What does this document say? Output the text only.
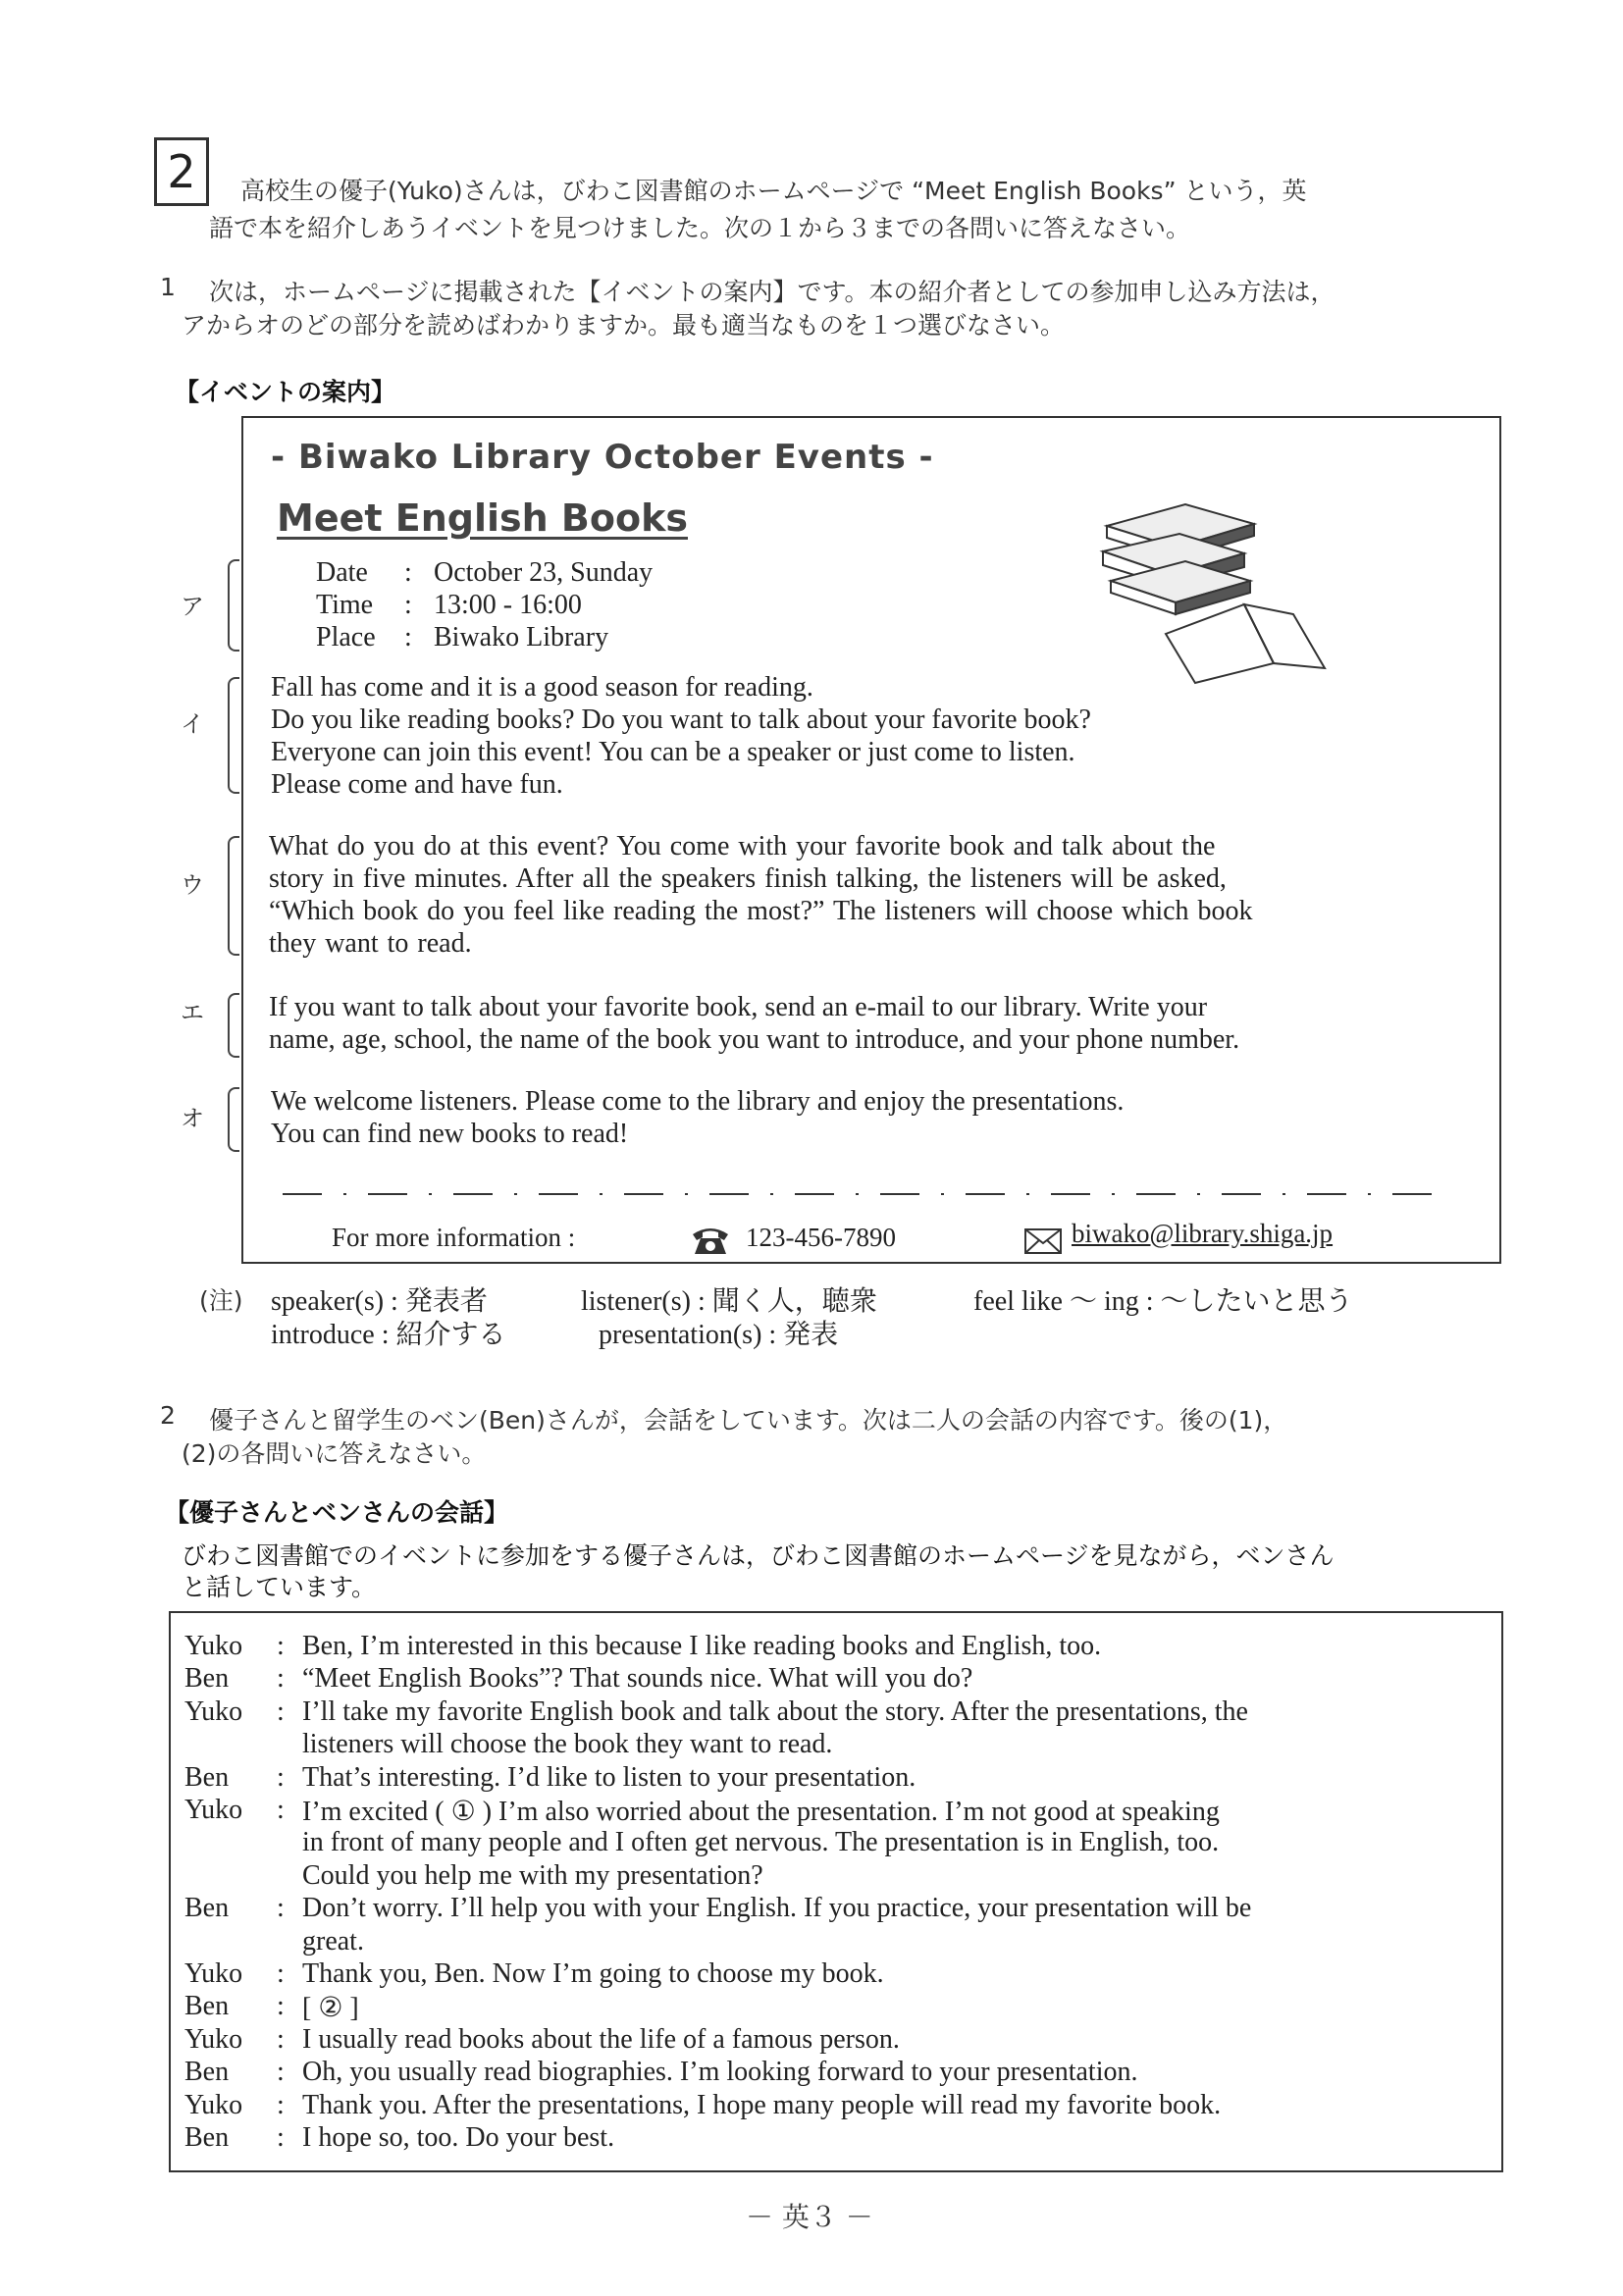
2	高校生の優子(Yuko)さんは，びわこ図書館のホームページで “Meet English Books” という，英
語で本を紹介しあうイベントを見つけました。次の１から３までの各問いに答えなさい。
1 次は，ホームページに掲載された【イベントの案内】です。本の紹介者としての参加申し込み方法は，
アからオのどの部分を読めばわかりますか。最も適当なものを１つ選びなさい。
【イベントの案内】
- Biwako Library October Events -
Meet English Books
Date : October 23, Sunday
Time : 13:00 - 16:00
Place : Biwako Library
Fall has come and it is a good season for reading.
Do you like reading books? Do you want to talk about your favorite book?
Everyone can join this event! You can be a speaker or just come to listen.
Please come and have fun.
What do you do at this event? You come with your favorite book and talk about the
story in five minutes. After all the speakers finish talking, the listeners will be asked,
“Which book do you feel like reading the most?” The listeners will choose which book
they want to read.
If you want to talk about your favorite book, send an e-mail to our library. Write your
name, age, school, the name of the book you want to introduce, and your phone number.
We welcome listeners. Please come to the library and enjoy the presentations.
You can find new books to read!
For more information :	123-456-7890	biwako@library.shiga.jp
ア
イ
ウ
エ
オ
(注) speaker(s) : 発表者	listener(s) : 聞く人，聴衆	feel like ～ ing : ～したいと思う
introduce : 紹介する	presentation(s) : 発表
2 優子さんと留学生のベン(Ben)さんが，会話をしています。次は二人の会話の内容です。後の(1)，
(2)の各問いに答えなさい。
【優子さんとベンさんの会話】
びわこ図書館でのイベントに参加をする優子さんは，びわこ図書館のホームページを見ながら，ベンさん
と話しています。
Yuko : Ben, I’m interested in this because I like reading books and English, too.
Ben : “Meet English Books”? That sounds nice. What will you do?
Yuko : I’ll take my favorite English book and talk about the story. After the presentations, the
listeners will choose the book they want to read.
Ben : That’s interesting. I’d like to listen to your presentation.
Yuko : I’m excited ( ① ) I’m also worried about the presentation. I’m not good at speaking
in front of many people and I often get nervous. The presentation is in English, too.
Could you help me with my presentation?
Ben : Don’t worry. I’ll help you with your English. If you practice, your presentation will be
great.
Yuko : Thank you, Ben. Now I’m going to choose my book.
Ben : [ ② ]
Yuko : I usually read books about the life of a famous person.
Ben : Oh, you usually read biographies. I’m looking forward to your presentation.
Yuko : Thank you. After the presentations, I hope many people will read my favorite book.
Ben : I hope so, too. Do your best.
－ 英３ －
